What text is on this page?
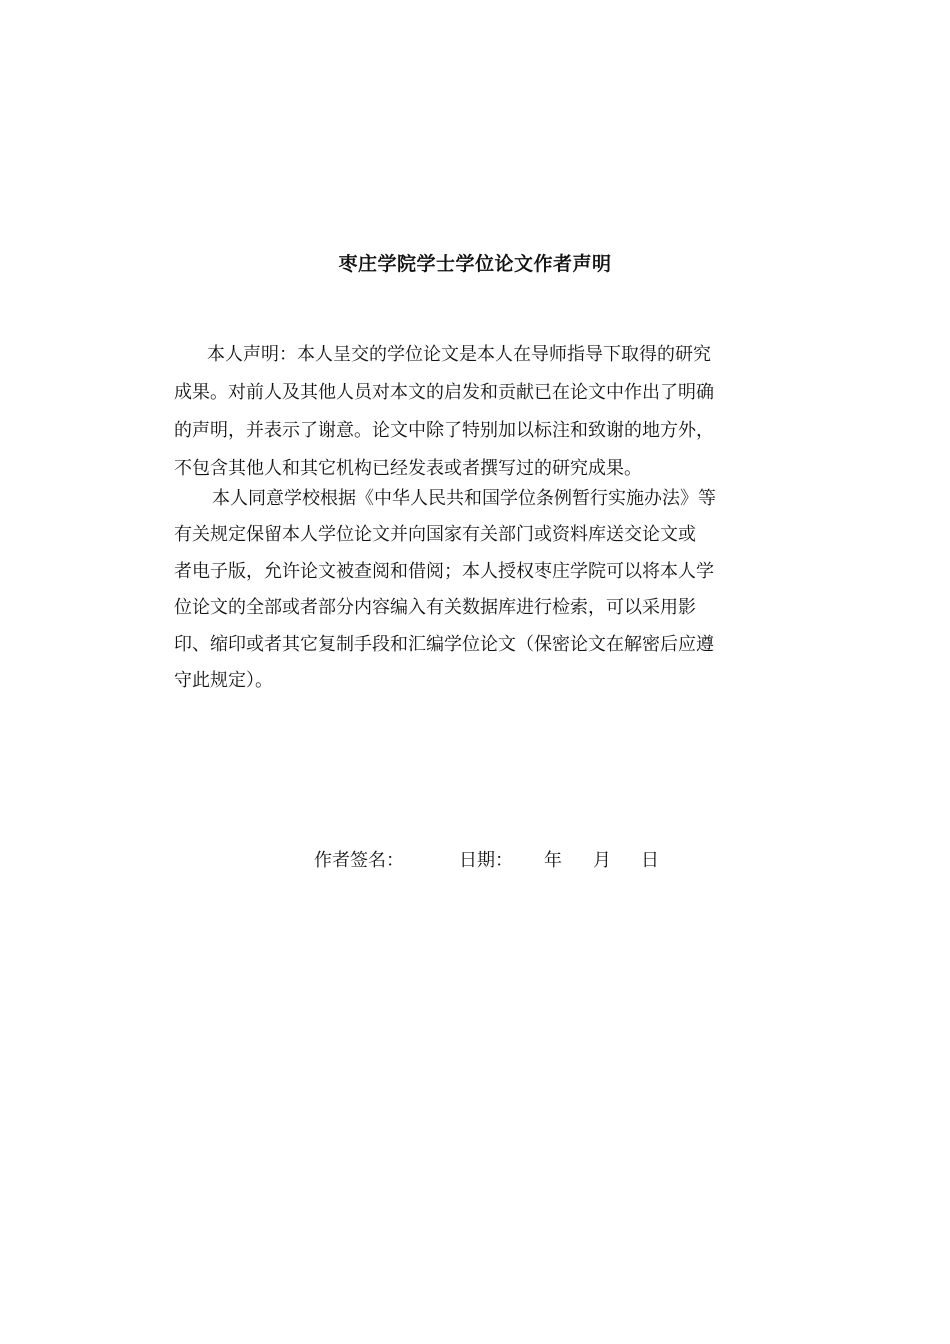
枣庄学院学士学位论文作者声明

本人声明：本人呈交的学位论文是本人在导师指导下取得的研究
成果。对前人及其他人员对本文的启发和贡献已在论文中作出了明确
的声明，并表示了谢意。论文中除了特别加以标注和致谢的地方外，
不包含其他人和其它机构已经发表或者撰写过的研究成果。

本人同意学校根据《中华人民共和国学位条例暂行实施办法》等
有关规定保留本人学位论文并向国家有关部门或资料库送交论文或
者电子版，允许论文被查阅和借阅；本人授权枣庄学院可以将本人学
位论文的全部或者部分内容编入有关数据库进行检索，可以采用影
印、缩印或者其它复制手段和汇编学位论文（保密论文在解密后应遵
守此规定）。

作者签名：	日期： 年 月 日
